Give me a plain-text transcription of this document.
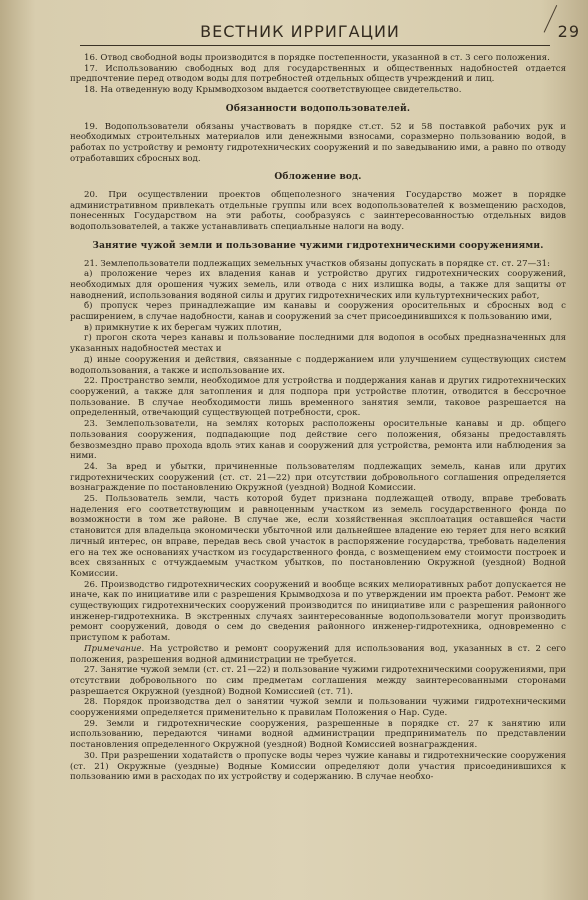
ВЕСТНИК ИРРИГАЦИИ	29

16. Отвод свободной воды производится в порядке постепенности, указанной в ст. 3 сего положения.

17. Использованию свободных вод для государственных и общественных надобностей отдается предпочтение перед отводом воды для потребностей отдельных обществ учреждений и лиц.

18. На отведенную воду Крымводхозом выдается соответствующее свидетельство.

Обязанности водопользователей.

19. Водопользователи обязаны участвовать в порядке ст.ст. 52 и 58 поставкой рабочих рук и необходимых строительных материалов или денежными взносами, соразмерно пользованию водой, в работах по устройству и ремонту гидротехнических сооружений и по заведыванию ими, а равно по отводу отработавших сбросных вод.

Обложение вод.

20. При осуществлении проектов общеполезного значения Государство может в порядке административном привлекать отдельные группы или всех водопользователей к возмещению расходов, понесенных Государством на эти работы, сообразуясь с заинтересованностью отдельных видов водопользователей, а также устанавливать специальные налоги на воду.

Занятие чужой земли и пользование чужими гидротехническими сооружениями.

21. Землепользователи подлежащих земельных участков обязаны допускать в порядке ст. ст. 27—31:

а) проложение через их владения канав и устройство других гидротехнических сооружений, необходимых для орошения чужих земель, или отвода с них излишка воды, а также для защиты от наводнений, использования водяной силы и других гидротехнических или культуртехнических работ,

б) пропуск через принадлежащие им канавы и сооружения оросительных и сбросных вод с расширением, в случае надобности, канав и сооружений за счет присоединившихся к пользованию ими,

в) примкнутие к их берегам чужих плотин,

г) прогон скота через канавы и пользование последними для водопоя в особых предназначенных для указанных надобностей местах и

д) иные сооружения и действия, связанные с поддержанием или улучшением существующих систем водопользования, а также и использование их.

22. Пространство земли, необходимое для устройства и поддержания канав и других гидротехнических сооружений, а также для затопления и для подпора при устройстве плотин, отводится в бессрочное пользование. В случае необходимости лишь временного занятия земли, таковое разрешается на определенный, отвечающий существующей потребности, срок.

23. Землепользователи, на землях которых расположены оросительные канавы и др. общего пользования сооружения, подпадающие под действие сего положения, обязаны предоставлять безвозмездно право прохода вдоль этих канав и сооружений для устройства, ремонта или наблюдения за ними.

24. За вред и убытки, причиненные пользователям подлежащих земель, канав или других гидротехнических сооружений (ст. ст. 21—22) при отсутствии добровольного соглашения определяется вознаграждение по постановлению Окружной (уездной) Водной Комиссии.

25. Пользователь земли, часть которой будет признана подлежащей отводу, вправе требовать наделения его соответствующим и равноценным участком из земель государственного фонда по возможности в том же районе. В случае же, если хозяйственная эксплоатация оставшейся части становится для владельца экономически убыточной или дальнейшее владение ею теряет для него всякий личный интерес, он вправе, передав весь свой участок в распоряжение государства, требовать наделения его на тех же основаниях участком из государственного фонда, с возмещением ему стоимости построек и всех связанных с отчуждаемым участком убытков, по постановлению Окружной (уездной) Водной Комиссии.

26. Производство гидротехнических сооружений и вообще всяких мелиоративных работ допускается не иначе, как по инициативе или с разрешения Крымводхоза и по утверждении им проекта работ. Ремонт же существующих гидротехнических сооружений производится по инициативе или с разрешения районного инженер-гидротехника. В экстренных случаях заинтересованные водопользователи могут производить ремонт сооружений, доводя о сем до сведения районного инженер-гидротехника, одновременно с приступом к работам.

Примечание. На устройство и ремонт сооружений для использования вод, указанных в ст. 2 сего положения, разрешения водной администрации не требуется.

27. Занятие чужой земли (ст. ст. 21—22) и пользование чужими гидротехническими сооружениями, при отсутствии добровольного по сим предметам соглашения между заинтересованными сторонами разрешается Окружной (уездной) Водной Комиссией (ст. 71).

28. Порядок производства дел о занятии чужой земли и пользовании чужими гидротехническими сооружениями определяется применительно к правилам Положения о Нар. Суде.

29. Земли и гидротехнические сооружения, разрешенные в порядке ст. 27 к занятию или использованию, передаются чинами водной администрации предприниматель по представлении постановления определенного Окружной (уездной) Водной Комиссией вознаграждения.

30. При разрешении ходатайств о пропуске воды через чужие канавы и гидротехнические сооружения (ст. 21) Окружные (уездные) Водные Комиссии определяют доли участия присоединившихся к пользованию ими в расходах по их устройству и содержанию. В случае необхо-
